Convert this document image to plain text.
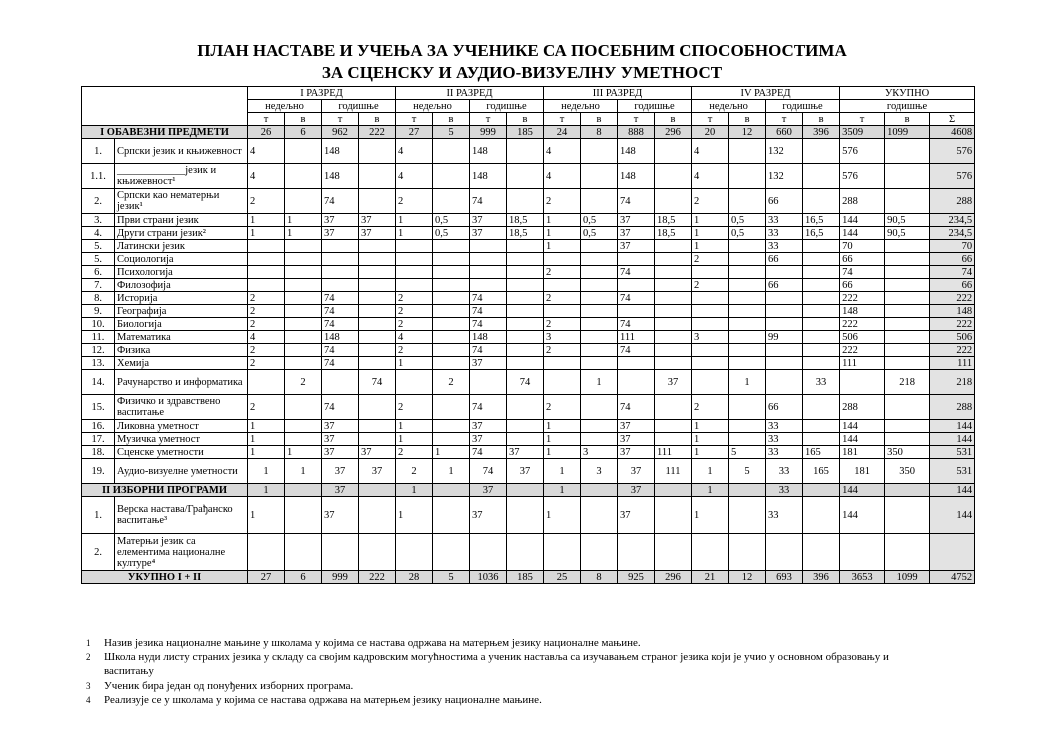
ПЛАН НАСТАВЕ И УЧЕЊА ЗА УЧЕНИКЕ СА ПОСЕБНИМ СПОСОБНОСТИМА
ЗА СЦЕНСКУ И АУДИО-ВИЗУЕЛНУ УМЕТНОСТ
		I РАЗРЕД				II РАЗРЕД				III РАЗРЕД				IV РАЗРЕД				УКУПНО		
		недељно		годишње		недељно		годишње		недељно		годишње		недељно		годишње		годишње		
		т	в	т	в	т	в	т	в	т	в	т	в	т	в	т	в	т	в	Σ
I ОБАВЕЗНИ ПРЕДМЕТИ		26	6	962	222	27	5	999	185	24	8	888	296	20	12	660	396	3509	1099	4608
1.	Српски језик и књижевност	4		148		4		148		4		148		4		132		576		576
1.1.	_____________језик и књижевност¹	4		148		4		148		4		148		4		132		576		576
2.	Српски као нематерњи језик¹	2		74		2		74		2		74		2		66		288		288
3.	Први страни језик	1	1	37	37	1	0,5	37	18,5	1	0,5	37	18,5	1	0,5	33	16,5	144	90,5	234,5
4.	Други страни језик²	1	1	37	37	1	0,5	37	18,5	1	0,5	37	18,5	1	0,5	33	16,5	144	90,5	234,5
5.	Латински језик									1		37		1		33		70		70
5.	Социологија													2		66		66		66
6.	Психологија									2		74						74		74
7.	Филозофија													2		66		66		66
8.	Историја	2		74		2		74		2		74						222		222
9.	Географија	2		74		2		74										148		148
10.	Биологија	2		74		2		74		2		74						222		222
11.	Математика	4		148		4		148		3		111		3		99		506		506
12.	Физика	2		74		2		74		2		74						222		222
13.	Хемија	2		74		1		37										111		111
14.	Рачунарство и информатика		2		74		2		74		1		37		1		33		218	218
15.	Физичко и здравствено васпитање	2		74		2		74		2		74		2		66		288		288
16.	Ликовна уметност	1		37		1		37		1		37		1		33		144		144
17.	Музичка уметност	1		37		1		37		1		37		1		33		144		144
18.	Сценске уметности	1	1	37	37	2	1	74	37	1	3	37	111	1	5	33	165	181	350	531
19.	Аудио-визуелне уметности	1	1	37	37	2	1	74	37	1	3	37	111	1	5	33	165	181	350	531
II ИЗБОРНИ ПРОГРАМИ		1		37		1		37		1		37		1		33		144		144
1.	Верска настава/Грађанско васпитање³	1		37		1		37		1		37		1		33		144		144
2.	Матерњи језик са елементима националне културе⁴																			
УКУПНО I + II		27	6	999	222	28	5	1036	185	25	8	925	296	21	12	693	396	3653	1099	4752
1 Назив језика националне мањине у школама у којима се настава одржава на матерњем језику националне мањине.
2 Школа нуди листу страних језика у складу са својим кадровским могућностима а ученик наставља са изучавањем страног језика који је учио у основном образовању и васпитању
3 Ученик бира један од понуђених изборних програма.
4 Реализује се у школама у којима се настава одржава на матерњем језику националне мањине.
